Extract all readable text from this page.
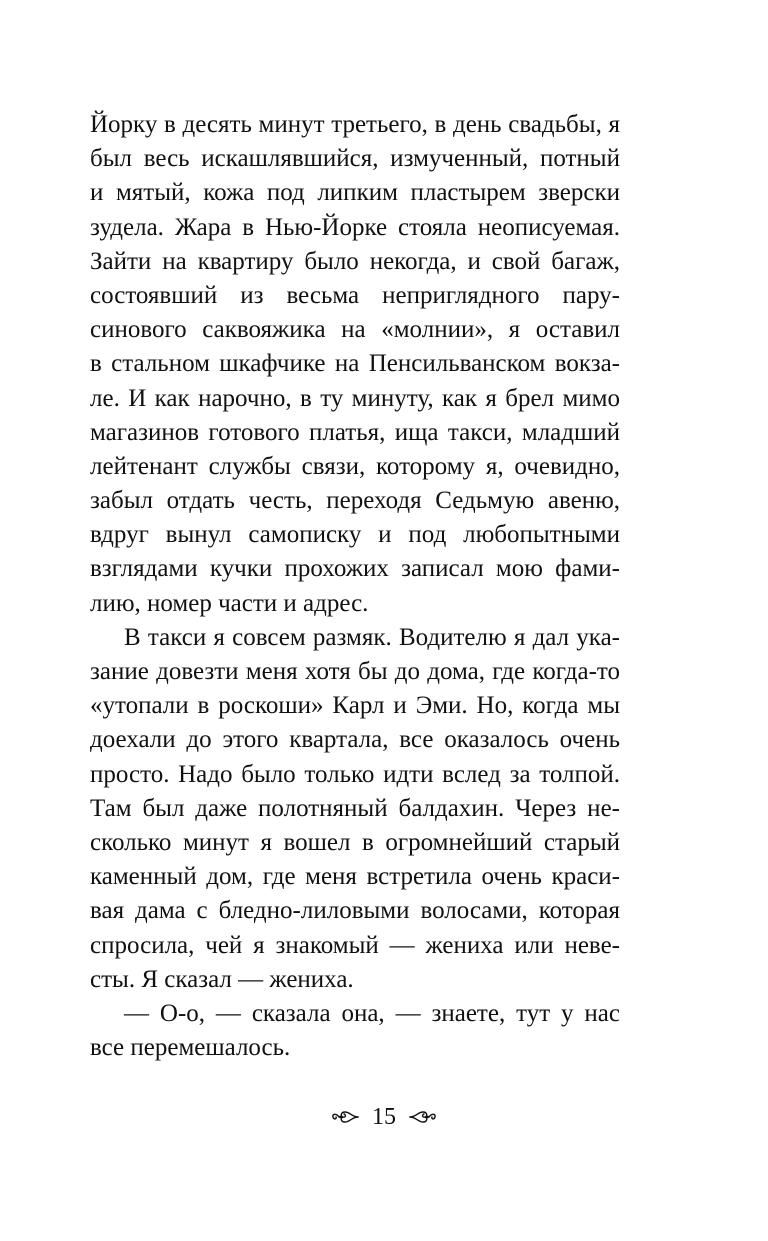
Йорку в десять минут третьего, в день свадьбы, я
был весь искашлявшийся, измученный, потный
и мятый, кожа под липким пластырем зверски
зудела. Жара в Нью-Йорке стояла неописуемая.
Зайти на квартиру было некогда, и свой багаж,
состоявший из весьма неприглядного пару-
синового саквояжика на «молнии», я оставил
в стальном шкафчике на Пенсильванском вокза-
ле. И как нарочно, в ту минуту, как я брел мимо
магазинов готового платья, ища такси, младший
лейтенант службы связи, которому я, очевидно,
забыл отдать честь, переходя Седьмую авеню,
вдруг вынул самописку и под любопытными
взглядами кучки прохожих записал мою фами-
лию, номер части и адрес.
В такси я совсем размяк. Водителю я дал ука-
зание довезти меня хотя бы до дома, где когда-то
«утопали в роскоши» Карл и Эми. Но, когда мы
доехали до этого квартала, все оказалось очень
просто. Надо было только идти вслед за толпой.
Там был даже полотняный балдахин. Через не-
сколько минут я вошел в огромнейший старый
каменный дом, где меня встретила очень краси-
вая дама с бледно-лиловыми волосами, которая
спросила, чей я знакомый — жениха или неве-
сты. Я сказал — жениха.
— О-о, — сказала она, — знаете, тут у нас
все перемешалось.
15
